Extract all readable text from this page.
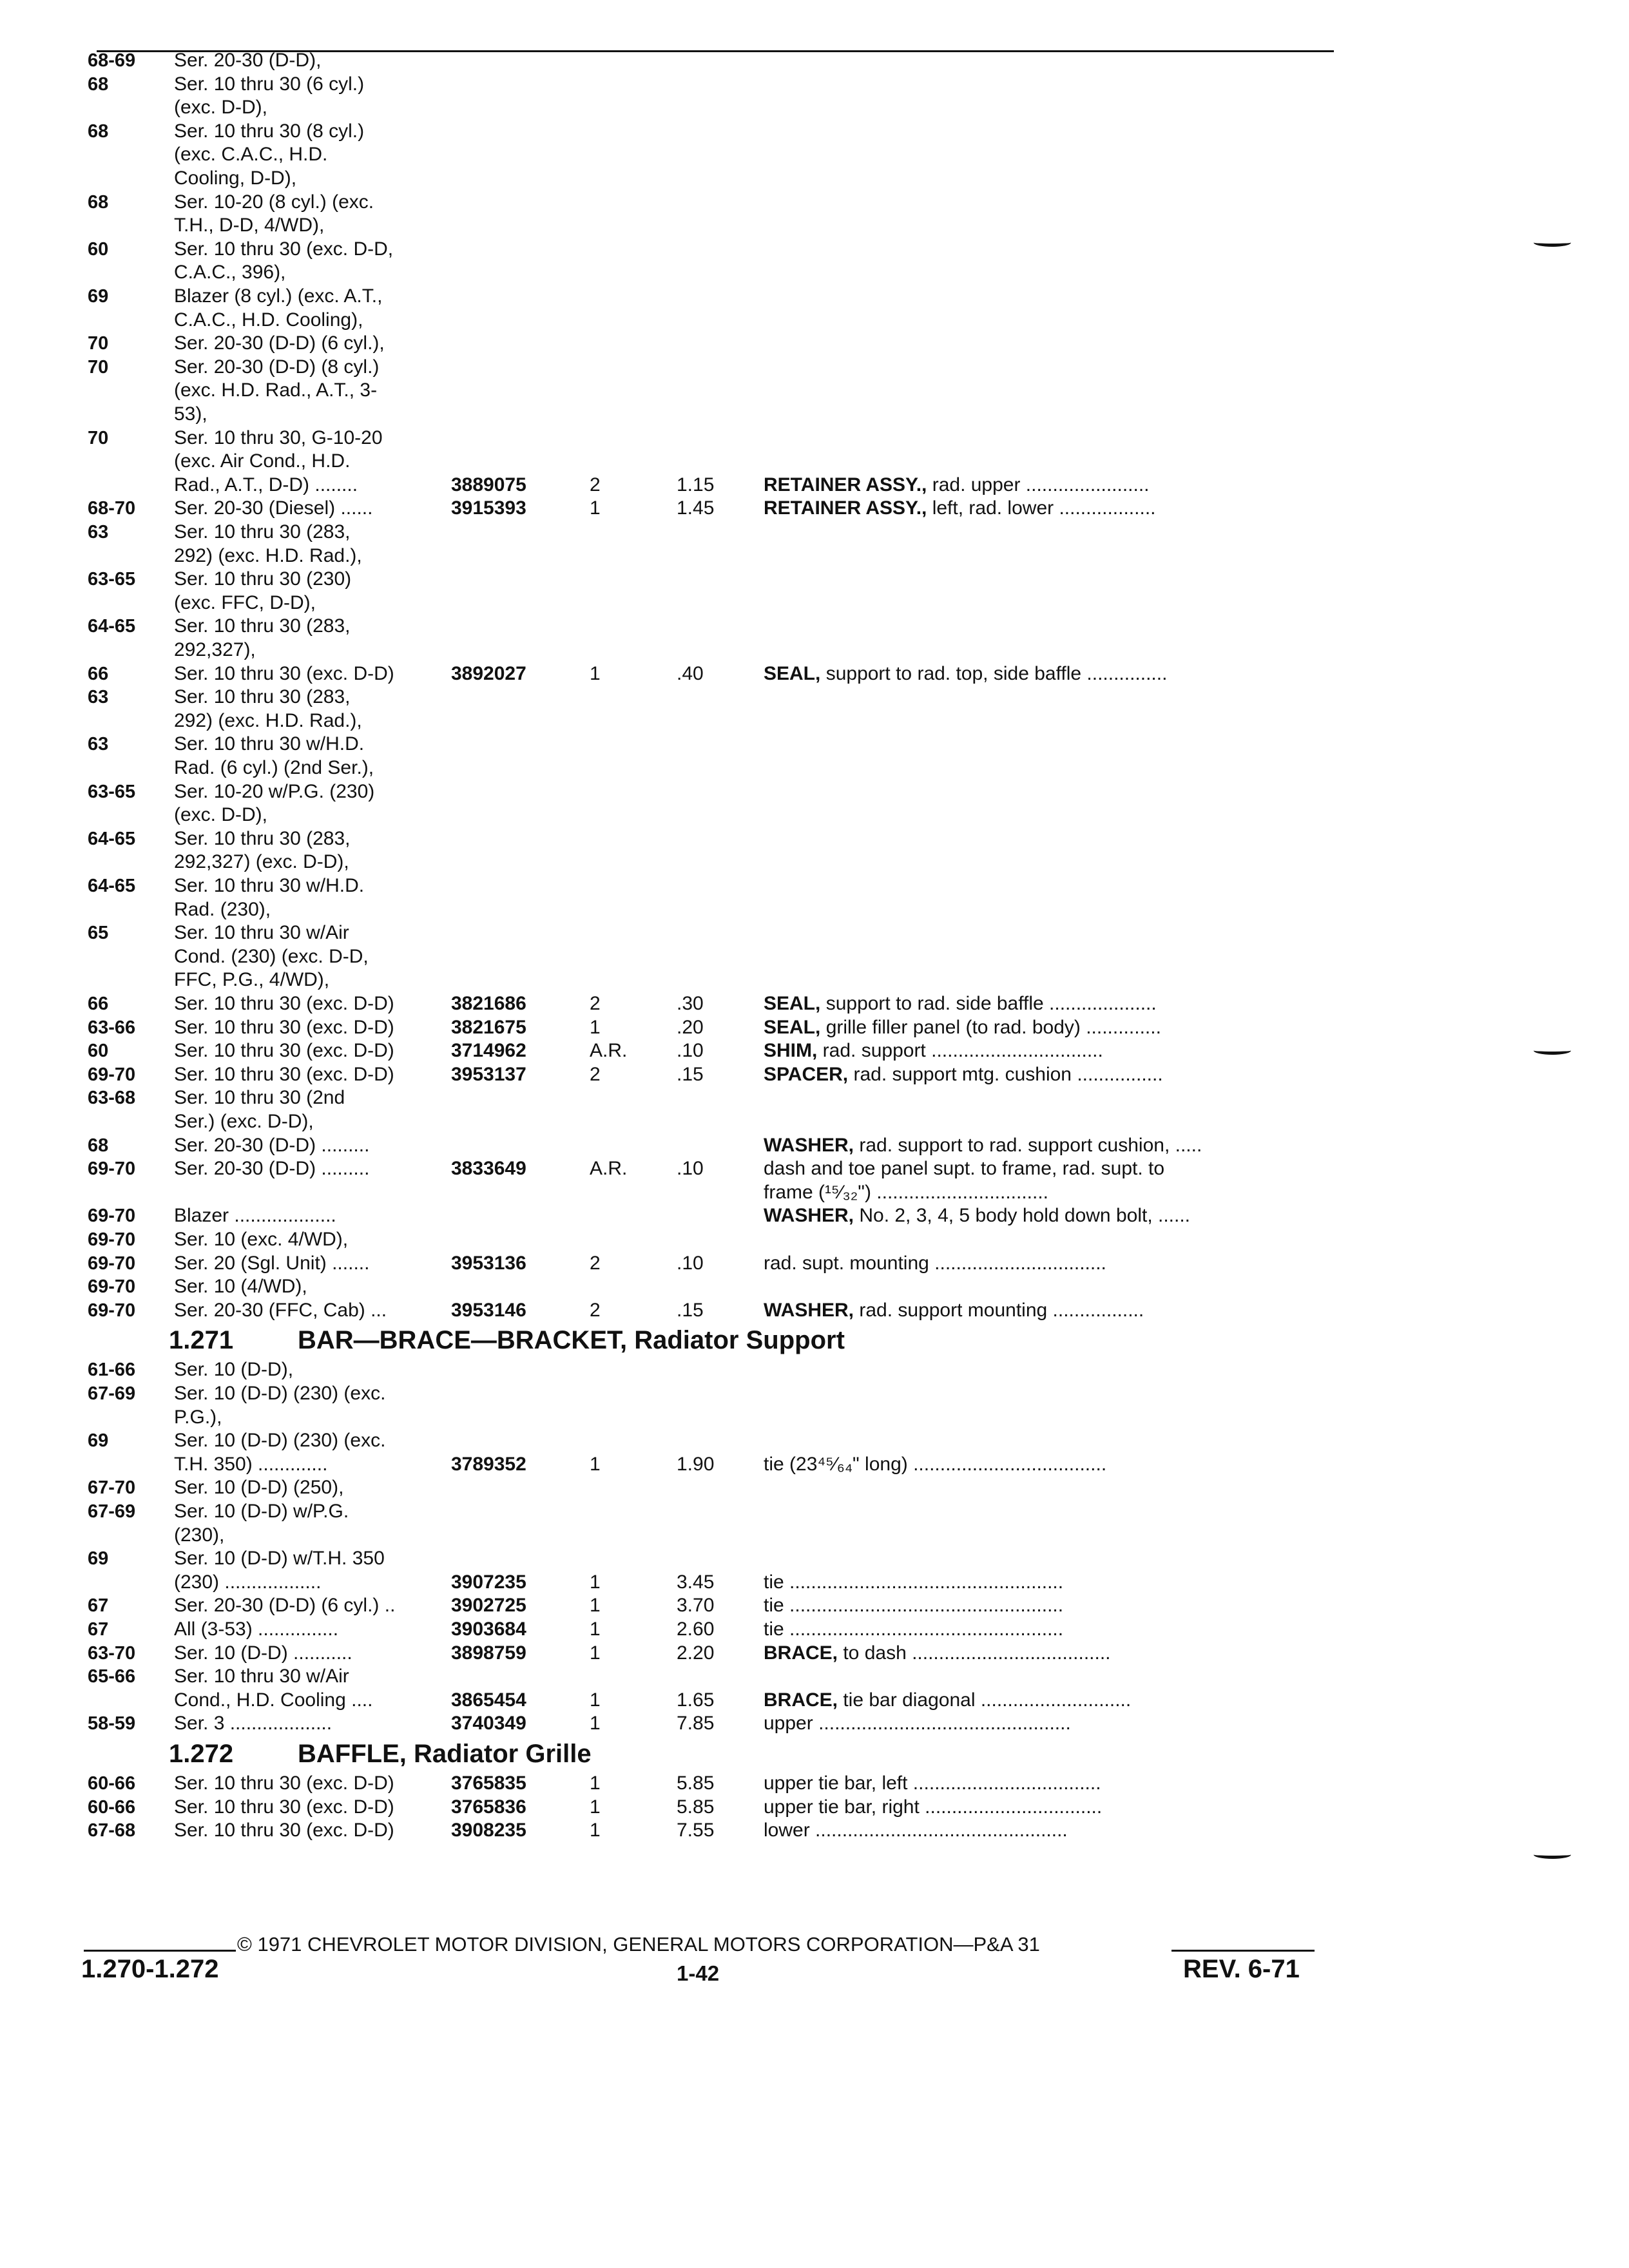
68-69 Ser. 20-30 (D-D),
68	Ser. 10 thru 30 (6 cyl.)
(exc. D-D),
68	Ser. 10 thru 30 (8 cyl.)
(exc. C.A.C., H.D.
Cooling, D-D),
68	Ser. 10-20 (8 cyl.) (exc.
T.H., D-D, 4/WD),
60	Ser. 10 thru 30 (exc. D-D,
C.A.C., 396),
69	Blazer (8 cyl.) (exc. A.T.,
C.A.C., H.D. Cooling),
70	Ser. 20-30 (D-D) (6 cyl.),
70	Ser. 20-30 (D-D) (8 cyl.)
(exc. H.D. Rad., A.T., 3-
53),
70	Ser. 10 thru 30, G-10-20
(exc. Air Cond., H.D.
Rad., A.T., D-D) ........	3889075	2	1.15	RETAINER ASSY., rad. upper .......................
68-70 Ser. 20-30 (Diesel) ......	3915393	1	1.45	RETAINER ASSY., left, rad. lower ..................
63	Ser. 10 thru 30 (283,
292) (exc. H.D. Rad.),
63-65 Ser. 10 thru 30 (230)
(exc. FFC, D-D),
64-65 Ser. 10 thru 30 (283,
292,327),
66	Ser. 10 thru 30 (exc. D-D)	3892027	1	.40	SEAL, support to rad. top, side baffle ...............
63	Ser. 10 thru 30 (283,
292) (exc. H.D. Rad.),
63	Ser. 10 thru 30 w/H.D.
Rad. (6 cyl.) (2nd Ser.),
63-65 Ser. 10-20 w/P.G. (230)
(exc. D-D),
64-65 Ser. 10 thru 30 (283,
292,327) (exc. D-D),
64-65 Ser. 10 thru 30 w/H.D.
Rad. (230),
65	Ser. 10 thru 30 w/Air
Cond. (230) (exc. D-D,
FFC, P.G., 4/WD),
66	Ser. 10 thru 30 (exc. D-D)	3821686	2	.30	SEAL, support to rad. side baffle ....................
63-66 Ser. 10 thru 30 (exc. D-D)	3821675	1	.20	SEAL, grille filler panel (to rad. body) ..............
60	Ser. 10 thru 30 (exc. D-D)	3714962	A.R.	.10	SHIM, rad. support ................................
69-70 Ser. 10 thru 30 (exc. D-D)	3953137	2	.15	SPACER, rad. support mtg. cushion ................
63-68 Ser. 10 thru 30 (2nd
Ser.) (exc. D-D),
68	Ser. 20-30 (D-D) .........	WASHER, rad. support to rad. support cushion, .....
69-70 Ser. 20-30 (D-D) .........	3833649	A.R.	.10	dash and toe panel supt. to frame, rad. supt. to
frame (¹⁵⁄₃₂") ................................
69-70 Blazer ...................	WASHER, No. 2, 3, 4, 5 body hold down bolt, ......
69-70 Ser. 10 (exc. 4/WD),
69-70 Ser. 20 (Sgl. Unit) .......	3953136	2	.10	rad. supt. mounting ................................
69-70 Ser. 10 (4/WD),
69-70 Ser. 20-30 (FFC, Cab) ...	3953146	2	.15	WASHER, rad. support mounting .................
61-66 Ser. 10 (D-D),
67-69 Ser. 10 (D-D) (230) (exc.
P.G.),
69	Ser. 10 (D-D) (230) (exc.
T.H. 350) .............	3789352	1	1.90	tie (23⁴⁵⁄₆₄" long) ....................................
67-70 Ser. 10 (D-D) (250),
67-69 Ser. 10 (D-D) w/P.G.
(230),
69	Ser. 10 (D-D) w/T.H. 350
(230) ..................	3907235	1	3.45	tie ...................................................
67	Ser. 20-30 (D-D) (6 cyl.) ..	3902725	1	3.70	tie ...................................................
67	All (3-53) ...............	3903684	1	2.60	tie ...................................................
63-70 Ser. 10 (D-D) ...........	3898759	1	2.20	BRACE, to dash .....................................
65-66 Ser. 10 thru 30 w/Air
Cond., H.D. Cooling ....	3865454	1	1.65	BRACE, tie bar diagonal ............................
58-59 Ser. 3 ...................	3740349	1	7.85	upper ...............................................
60-66 Ser. 10 thru 30 (exc. D-D)	3765835	1	5.85	upper tie bar, left ...................................
60-66 Ser. 10 thru 30 (exc. D-D)	3765836	1	5.85	upper tie bar, right .................................
67-68 Ser. 10 thru 30 (exc. D-D)	3908235	1	7.55	lower ...............................................
1.271 BAR—BRACE—BRACKET, Radiator Support
1.272 BAFFLE, Radiator Grille
© 1971 CHEVROLET MOTOR DIVISION, GENERAL MOTORS CORPORATION—P&A 31
1.270-1.272	1-42	REV. 6-71
